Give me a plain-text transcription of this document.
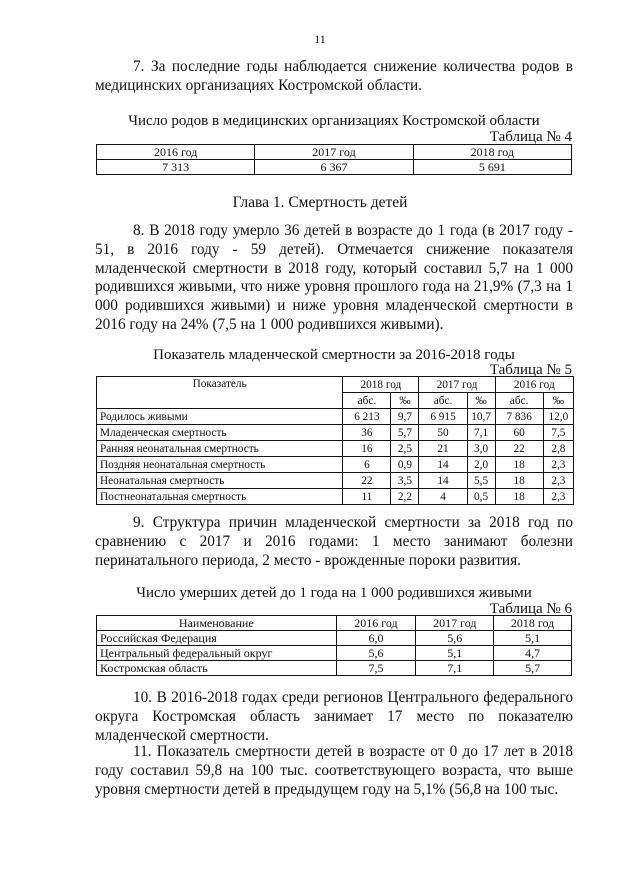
11

7. За последние годы наблюдается снижение количества родов в медицинских организациях Костромской области.

Число родов в медицинских организациях Костромской области
Таблица № 4
2016 год	2017 год	2018 год
7 313	6 367	5 691
Глава 1. Смертность детей

8. В 2018 году умерло 36 детей в возрасте до 1 года (в 2017 году - 51, в 2016 году - 59 детей). Отмечается снижение показателя младенческой смертности в 2018 году, который составил 5,7 на 1 000 родившихся живыми, что ниже уровня прошлого года на 21,9% (7,3 на 1 000 родившихся живыми) и ниже уровня младенческой смертности в 2016 году на 24% (7,5 на 1 000 родившихся живыми).

Показатель младенческой смертности за 2016-2018 годы
Таблица № 5
Показатель	2018 год		2017 год		2016 год	
	абс.	‰	абс.	‰	абс.	‰
Родилось живыми	6 213	9,7	6 915	10,7	7 836	12,0
Младенческая смертность	36	5,7	50	7,1	60	7,5
Ранняя неонатальная смертность	16	2,5	21	3,0	22	2,8
Поздняя неонатальная смертность	6	0,9	14	2,0	18	2,3
Неонатальная смертность	22	3,5	14	5,5	18	2,3
Постнеонатальная смертность	11	2,2	4	0,5	18	2,3

9. Структура причин младенческой смертности за 2018 год по сравнению с 2017 и 2016 годами: 1 место занимают болезни перинатального периода, 2 место - врожденные пороки развития.

Число умерших детей до 1 года на 1 000 родившихся живыми
Таблица № 6
Наименование	2016 год	2017 год	2018 год
Российская Федерация	6,0	5,6	5,1
Центральный федеральный округ	5,6	5,1	4,7
Костромская область	7,5	7,1	5,7

10. В 2016-2018 годах среди регионов Центрального федерального округа Костромская область занимает 17 место по показателю младенческой смертности.

11. Показатель смертности детей в возрасте от 0 до 17 лет в 2018 году составил 59,8 на 100 тыс. соответствующего возраста, что выше уровня смертности детей в предыдущем году на 5,1% (56,8 на 100 тыс.
